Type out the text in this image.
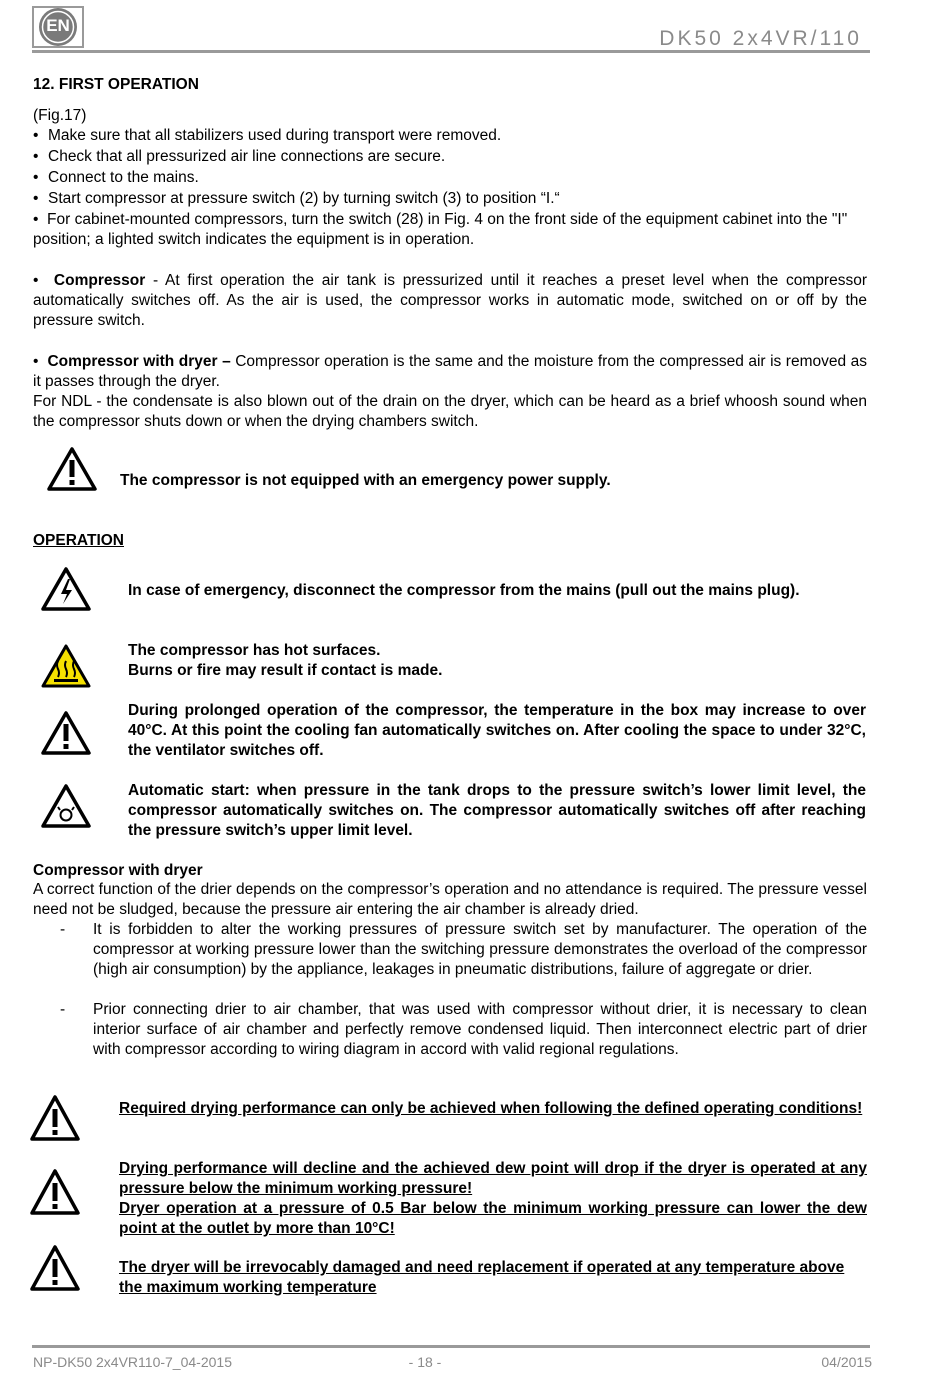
EN
DK50 2x4VR/110
12. FIRST OPERATION
(Fig.17)
• Make sure that all stabilizers used during transport were removed.
• Check that all pressurized air line connections are secure.
• Connect to the mains.
• Start compressor at pressure switch (2) by turning switch (3) to position “I.“
•  For cabinet-mounted compressors, turn the switch (28) in Fig. 4 on the front side of the equipment cabinet into the "I" position; a lighted switch indicates the equipment is in operation.
•  Compressor - At first operation the air tank is pressurized until it reaches a preset level when the compressor automatically switches off. As the air is used, the compressor works in automatic mode, switched on or off by the pressure switch.
•  Compressor with dryer – Compressor operation is the same and the moisture from the compressed air is removed as it passes through the dryer.
For NDL - the condensate is also blown out of the drain on the dryer, which can be heard as a brief whoosh sound when the compressor shuts down or when the drying chambers switch.
The compressor is not equipped with an emergency power supply.
OPERATION
In case of emergency, disconnect the compressor from the mains (pull out the mains plug).
The compressor has hot surfaces.
Burns or fire may result if contact is made.
During prolonged operation of the compressor, the temperature in the box may increase to over 40°C. At this point the cooling fan automatically switches on. After cooling the space to under 32°C, the ventilator switches off.
Automatic start: when pressure in the tank drops to the pressure switch’s lower limit level, the compressor automatically switches on. The compressor automatically switches off after reaching the pressure switch’s upper limit level.
Compressor with dryer
A correct function of the drier depends on the compressor’s operation and no attendance is required. The pressure vessel need not be sludged, because the pressure air entering the air chamber is already dried.
- It is forbidden to alter the working pressures of pressure switch set by manufacturer. The operation of the compressor at working pressure lower than the switching pressure demonstrates the overload of the compressor (high air consumption) by the appliance, leakages in pneumatic distributions, failure of aggregate or drier.
- Prior connecting drier to air chamber, that was used with compressor without drier, it is necessary to clean interior surface of air chamber and perfectly remove condensed liquid. Then interconnect electric part of drier with compressor according to wiring diagram in accord with valid regional regulations.
Required drying performance can only be achieved when following the defined operating conditions!
Drying performance will decline and the achieved dew point will drop if the dryer is operated at any pressure below the minimum working pressure!
Dryer operation at a pressure of 0.5 Bar below the minimum working pressure can lower the dew point at the outlet by more than 10°C!
The dryer will be irrevocably damaged and need replacement if operated at any temperature above the maximum working temperature
NP-DK50 2x4VR110-7_04-2015	- 18 -	04/2015
